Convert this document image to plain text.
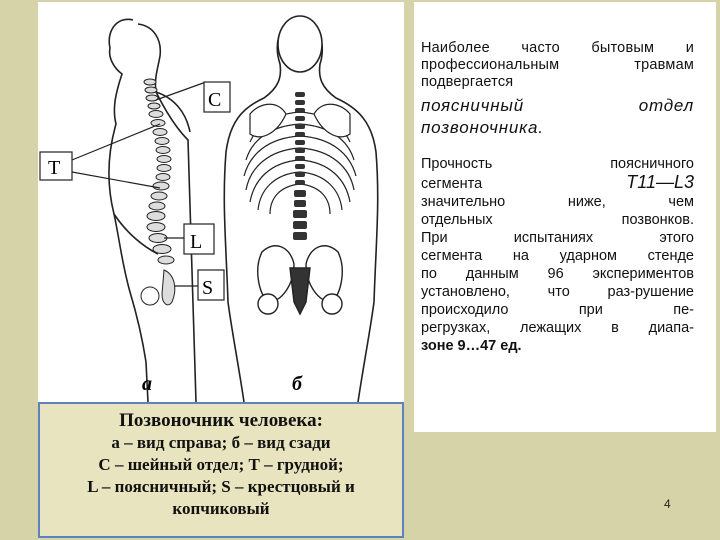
C
T
L
S
а	б
Позвоночник человека:
а – вид справа; б – вид сзади
С – шейный отдел; Т – грудной;
L – поясничный; S – крестцовый и
копчиковый
Наиболее часто бытовым и профессиональным травмам подвергается
поясничный	отдел
позвоночника.
Прочность	поясничного
сегмента	T11—L3
значительно ниже, чем
отдельных позвонков.
При испытаниях этого
сегмента на ударном стенде
по данным 96 экспериментов
установлено, что раз-рушение
происходило при пе-
регрузках, лежащих в диапа-
зоне 9…47 ед.
4
